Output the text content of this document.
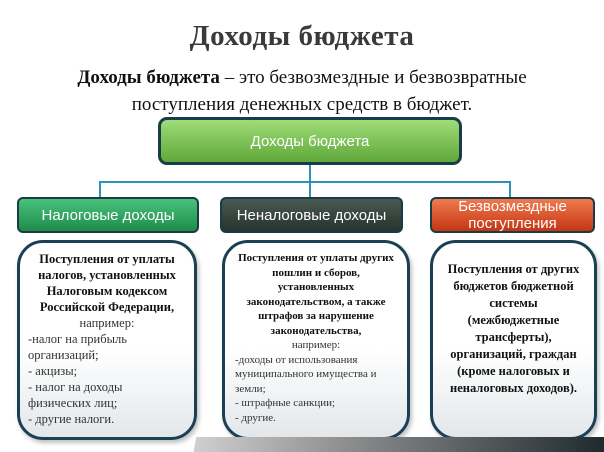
Доходы бюджета
Доходы бюджета – это безвозмездные и безвозвратные
поступления денежных средств в бюджет.
Доходы бюджета
Налоговые доходы	Неналоговые доходы	Безвозмездные
поступления
Поступления от уплаты налогов, установленных Налоговым кодексом Российской Федерации,
например:
-налог на прибыль организаций;
- акцизы;
- налог на доходы физических лиц;
- другие налоги.
Поступления от уплаты других пошлин и сборов, установленных законодательством, а также штрафов за нарушение законодательства,
например:
-доходы от использования муниципального имущества и земли;
- штрафные санкции;
- другие.
Поступления от других бюджетов бюджетной системы (межбюджетные трансферты), организаций, граждан (кроме налоговых и неналоговых доходов).
